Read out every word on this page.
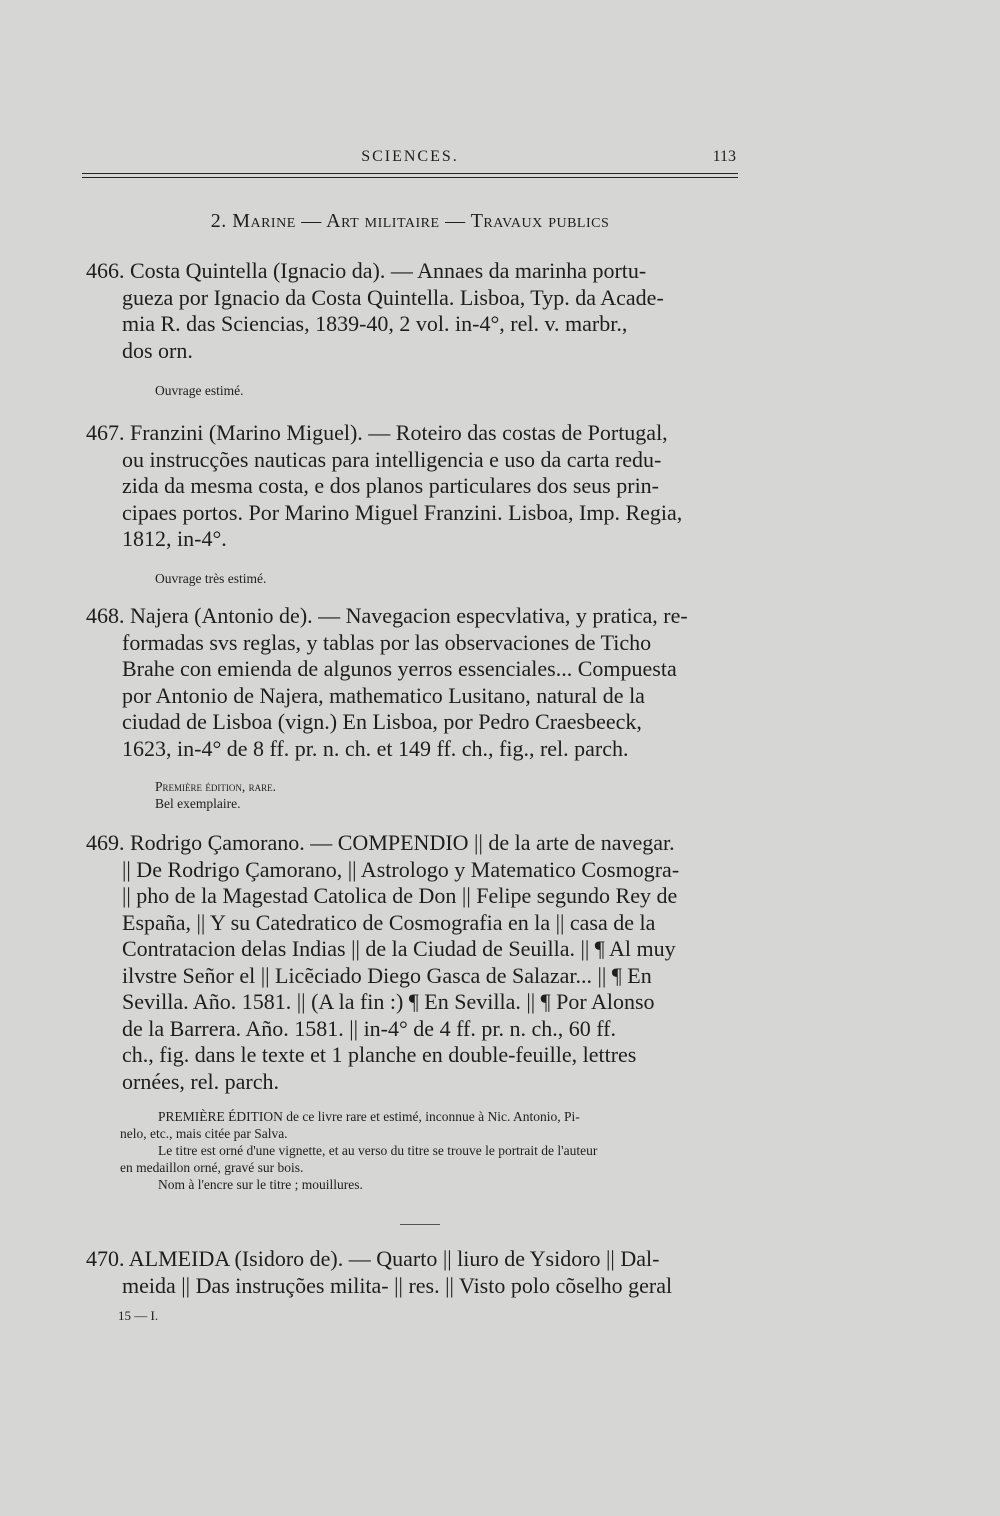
SCIENCES.	113
2. Marine — Art militaire — Travaux publics
466. Costa Quintella (Ignacio da). — Annaes da marinha portu-
gueza por Ignacio da Costa Quintella. Lisboa, Typ. da Acade-
mia R. das Sciencias, 1839-40, 2 vol. in-4°, rel. v. marbr.,
dos orn.
Ouvrage estimé.
467. Franzini (Marino Miguel). — Roteiro das costas de Portugal,
ou instrucções nauticas para intelligencia e uso da carta redu-
zida da mesma costa, e dos planos particulares dos seus prin-
cipaes portos. Por Marino Miguel Franzini. Lisboa, Imp. Regia,
1812, in-4°.
Ouvrage très estimé.
468. Najera (Antonio de). — Navegacion especvlativa, y pratica, re-
formadas svs reglas, y tablas por las observaciones de Ticho
Brahe con emienda de algunos yerros essenciales... Compuesta
por Antonio de Najera, mathematico Lusitano, natural de la
ciudad de Lisboa (vign.) En Lisboa, por Pedro Craesbeeck,
1623, in-4° de 8 ff. pr. n. ch. et 149 ff. ch., fig., rel. parch.
Première édition, rare.
Bel exemplaire.
469. Rodrigo Çamorano. — COMPENDIO || de la arte de navegar.
|| De Rodrigo Çamorano, || Astrologo y Matematico Cosmogra-
|| pho de la Magestad Catolica de Don || Felipe segundo Rey de
España, || Y su Catedratico de Cosmografia en la || casa de la
Contratacion delas Indias || de la Ciudad de Seuilla. || ¶ Al muy
ilvstre Señor el || Licẽciado Diego Gasca de Salazar... || ¶ En
Sevilla. Año. 1581. || (A la fin :) ¶ En Sevilla. || ¶ Por Alonso
de la Barrera. Año. 1581. || in-4° de 4 ff. pr. n. ch., 60 ff.
ch., fig. dans le texte et 1 planche en double-feuille, lettres
ornées, rel. parch.
PREMIÈRE ÉDITION de ce livre rare et estimé, inconnue à Nic. Antonio, Pi-
nelo, etc., mais citée par Salva.
Le titre est orné d'une vignette, et au verso du titre se trouve le portrait de l'auteur
en medaillon orné, gravé sur bois.
Nom à l'encre sur le titre ; mouillures.
470. ALMEIDA (Isidoro de). — Quarto || liuro de Ysidoro || Dal-
meida || Das instruções milita- || res. || Visto polo cõselho geral
15 — I.
